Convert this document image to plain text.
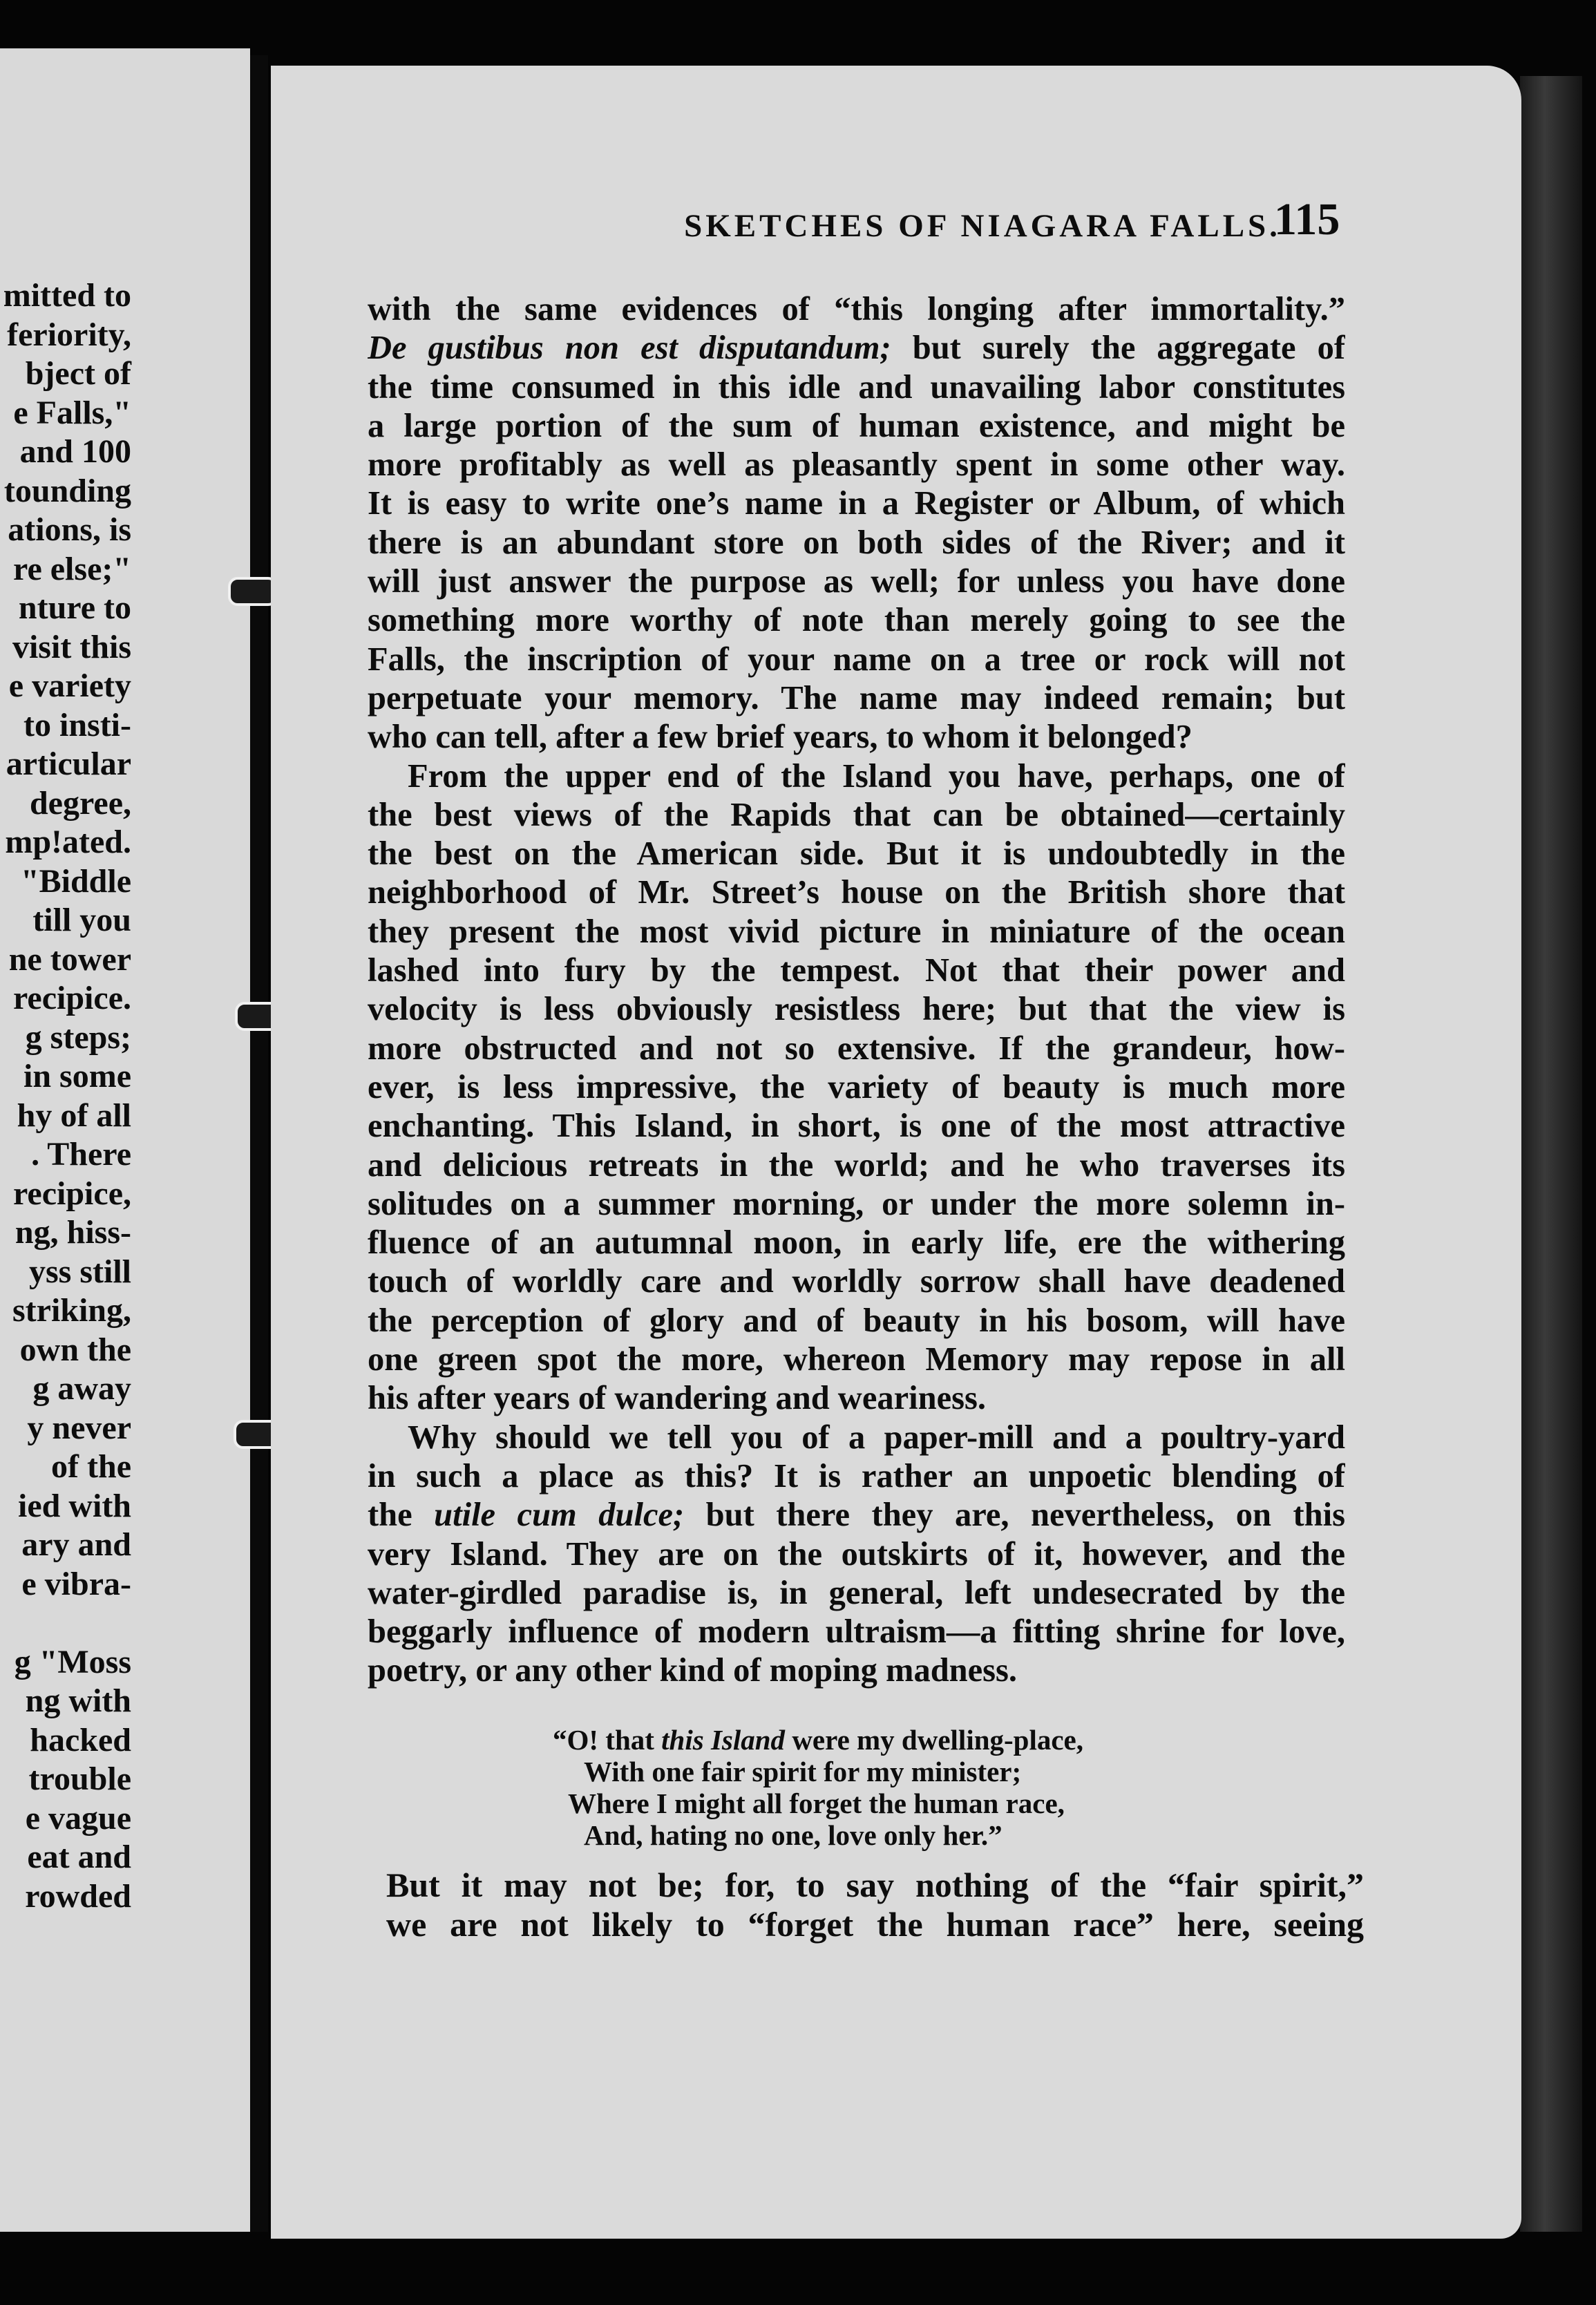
mitted to
feriority,
bject of
e Falls,"
and 100
tounding
ations, is
re else;"
nture to
visit this
e variety
to insti-
articular
degree,
mp!ated.
"Biddle
till you
ne tower
recipice.
g steps;
in some
hy of all
. There
recipice,
ng, hiss-
yss still
striking,
own the
g away
y never
of the
ied with
ary and
e vibra-
g "Moss
ng with
hacked
trouble
e vague
eat and
rowded
SKETCHES OF NIAGARA FALLS.
115
with the same evidences of “this longing after immortality.”
De gustibus non est disputandum; but surely the aggregate of
the time consumed in this idle and unavailing labor constitutes
a large portion of the sum of human existence, and might be
more profitably as well as pleasantly spent in some other way.
It is easy to write one’s name in a Register or Album, of which
there is an abundant store on both sides of the River; and it
will just answer the purpose as well; for unless you have done
something more worthy of note than merely going to see the
Falls, the inscription of your name on a tree or rock will not
perpetuate your memory. The name may indeed remain; but
who can tell, after a few brief years, to whom it belonged?
From the upper end of the Island you have, perhaps, one of
the best views of the Rapids that can be obtained—certainly
the best on the American side. But it is undoubtedly in the
neighborhood of Mr. Street’s house on the British shore that
they present the most vivid picture in miniature of the ocean
lashed into fury by the tempest. Not that their power and
velocity is less obviously resistless here; but that the view is
more obstructed and not so extensive. If the grandeur, how-
ever, is less impressive, the variety of beauty is much more
enchanting. This Island, in short, is one of the most attractive
and delicious retreats in the world; and he who traverses its
solitudes on a summer morning, or under the more solemn in-
fluence of an autumnal moon, in early life, ere the withering
touch of worldly care and worldly sorrow shall have deadened
the perception of glory and of beauty in his bosom, will have
one green spot the more, whereon Memory may repose in all
his after years of wandering and weariness.
Why should we tell you of a paper-mill and a poultry-yard
in such a place as this? It is rather an unpoetic blending of
the utile cum dulce; but there they are, nevertheless, on this
very Island. They are on the outskirts of it, however, and the
water-girdled paradise is, in general, left undesecrated by the
beggarly influence of modern ultraism—a fitting shrine for love,
poetry, or any other kind of moping madness.
“O! that this Island were my dwelling-place,
With one fair spirit for my minister;
Where I might all forget the human race,
And, hating no one, love only her.”
But it may not be; for, to say nothing of the “fair spirit,”
we are not likely to “forget the human race” here, seeing
